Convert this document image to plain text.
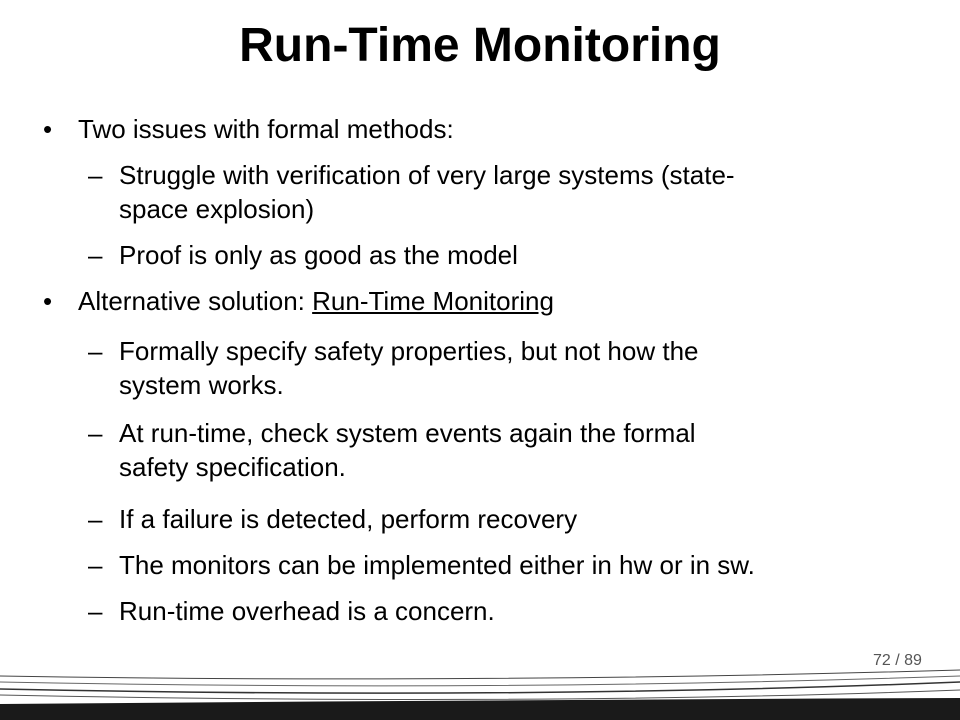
Run-Time Monitoring
• Two issues with formal methods:
– Struggle with verification of very large systems (state-
space explosion)
– Proof is only as good as the model
• Alternative solution: Run-Time Monitoring
– Formally specify safety properties, but not how the
system works.
– At run-time, check system events again the formal
safety specification.
– If a failure is detected, perform recovery
– The monitors can be implemented either in hw or in sw.
– Run-time overhead is a concern.
72 / 89
